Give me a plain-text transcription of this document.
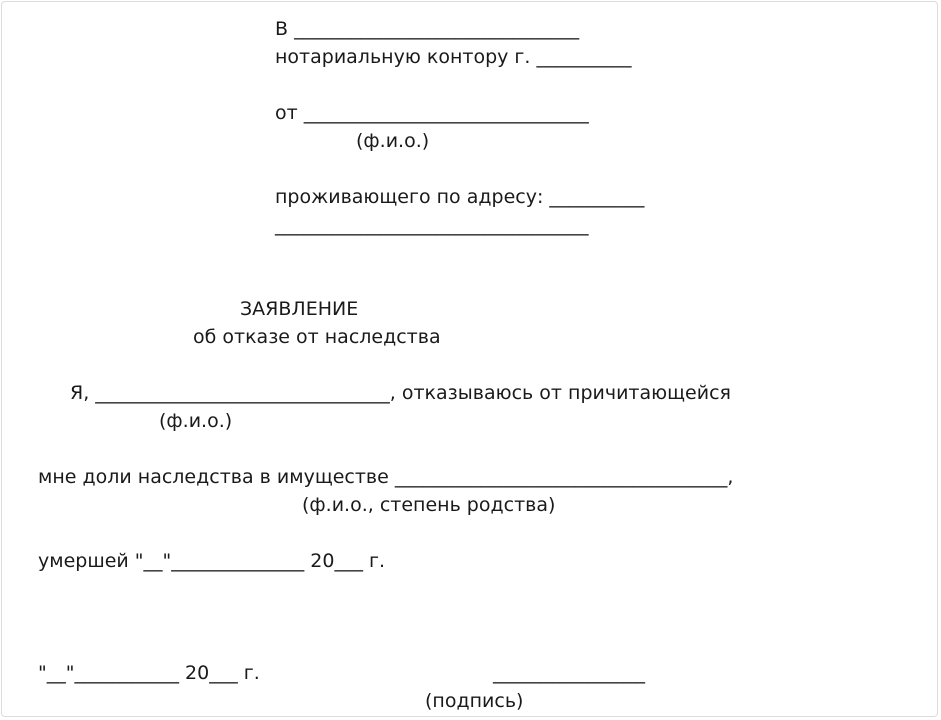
В ______________________________
нотариальную контору г. __________
от ______________________________
(ф.и.о.)
проживающего по адресу: __________
_________________________________
ЗАЯВЛЕНИЕ
об отказе от наследства
Я, _______________________________, отказываюсь от причитающейся
(ф.и.о.)
мне доли наследства в имуществе ___________________________________,
(ф.и.о., степень родства)
умершей "__"______________ 20___ г.
"__"___________ 20___ г.	________________
(подпись)
